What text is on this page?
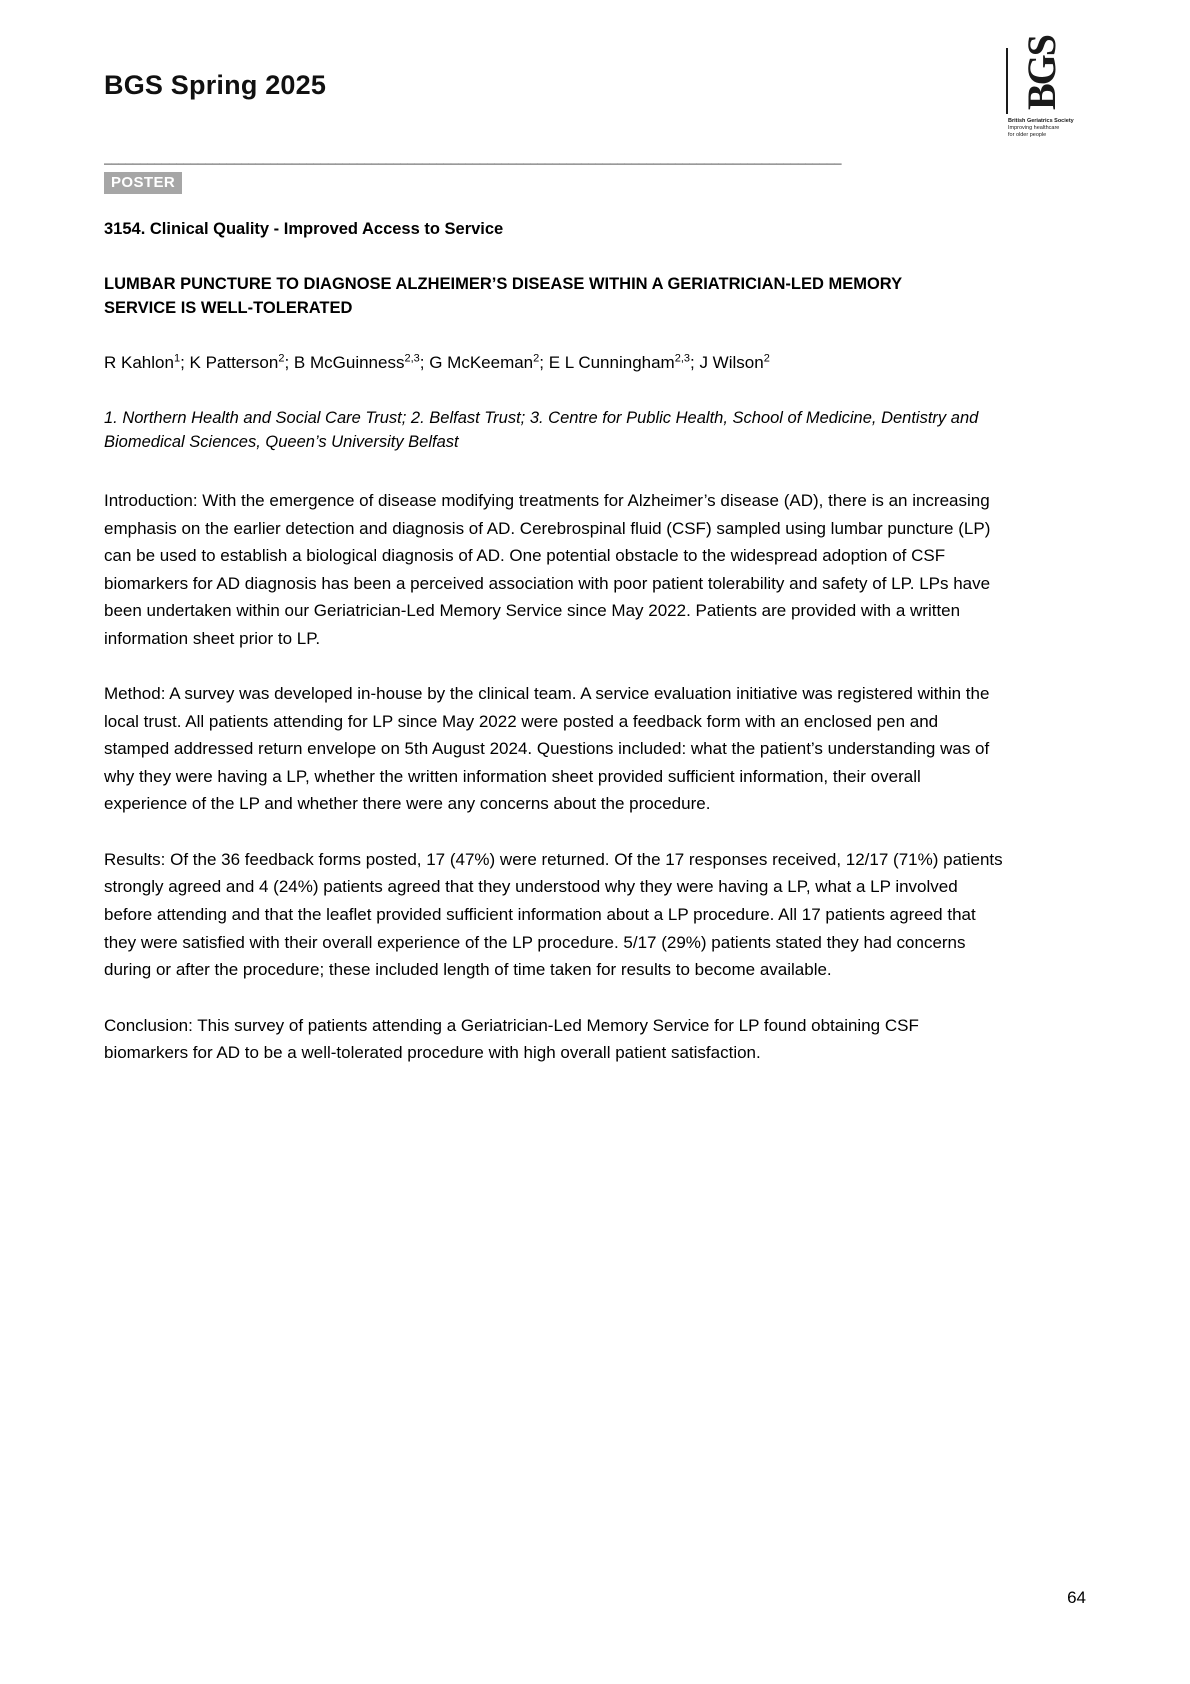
BGS Spring 2025	BGS
British Geriatrics Society
Improving healthcare
for older people
______________________________________________________________________________________________________
POSTER
3154. Clinical Quality - Improved Access to Service
LUMBAR PUNCTURE TO DIAGNOSE ALZHEIMER’S DISEASE WITHIN A GERIATRICIAN-LED MEMORY SERVICE IS WELL-TOLERATED
R Kahlon$^1$; K Patterson$^2$; B McGuinness$^{2,3}$; G McKeeman$^2$; E L Cunningham$^{2,3}$; J Wilson$^2$
1. Northern Health and Social Care Trust; 2. Belfast Trust; 3. Centre for Public Health, School of Medicine, Dentistry and Biomedical Sciences, Queen’s University Belfast
Introduction: With the emergence of disease modifying treatments for Alzheimer’s disease (AD), there is an increasing emphasis on the earlier detection and diagnosis of AD. Cerebrospinal fluid (CSF) sampled using lumbar puncture (LP) can be used to establish a biological diagnosis of AD. One potential obstacle to the widespread adoption of CSF biomarkers for AD diagnosis has been a perceived association with poor patient tolerability and safety of LP. LPs have been undertaken within our Geriatrician-Led Memory Service since May 2022. Patients are provided with a written information sheet prior to LP.
Method: A survey was developed in-house by the clinical team. A service evaluation initiative was registered within the local trust. All patients attending for LP since May 2022 were posted a feedback form with an enclosed pen and stamped addressed return envelope on 5th August 2024. Questions included: what the patient’s understanding was of why they were having a LP, whether the written information sheet provided sufficient information, their overall experience of the LP and whether there were any concerns about the procedure.
Results: Of the 36 feedback forms posted, 17 (47%) were returned. Of the 17 responses received, 12/17 (71%) patients strongly agreed and 4 (24%) patients agreed that they understood why they were having a LP, what a LP involved before attending and that the leaflet provided sufficient information about a LP procedure. All 17 patients agreed that they were satisfied with their overall experience of the LP procedure. 5/17 (29%) patients stated they had concerns during or after the procedure; these included length of time taken for results to become available.
Conclusion: This survey of patients attending a Geriatrician-Led Memory Service for LP found obtaining CSF biomarkers for AD to be a well-tolerated procedure with high overall patient satisfaction.
64
